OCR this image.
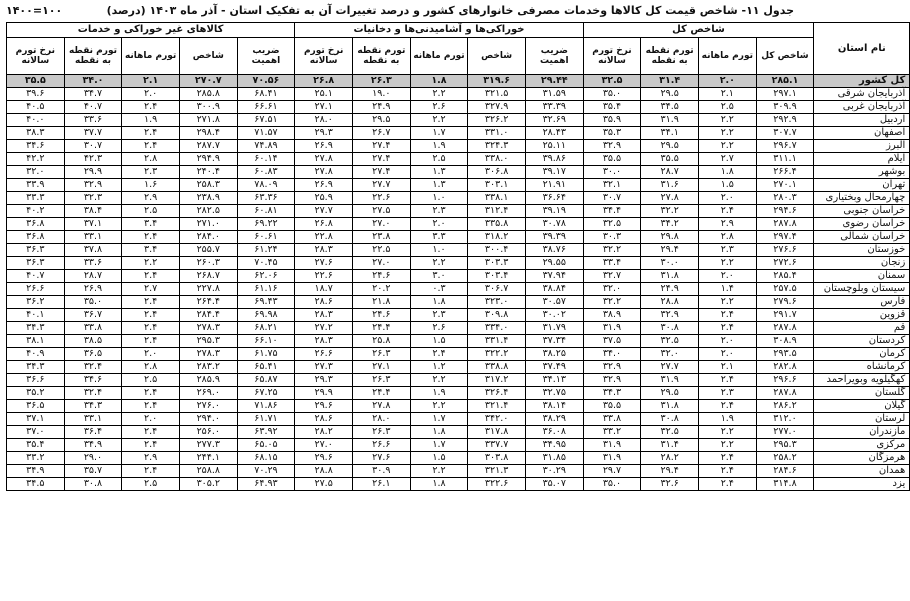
جدول ۱۱- شاخص قیمت کل کالاها وخدمات مصرفی خانوارهای کشور و درصد تغییرات آن به تفکیک استان - آذر ماه ۱۴۰۳ (درصد)
۱۴۰۰=۱۰۰
نام استان	شاخص کل				خوراکی‌ها و آشامیدنی‌ها و دخانیات					کالاهای غیر خوراکی و خدمات				
	شاخص کل	تورم ماهانه	تورم نقطه به نقطه	نرخ تورم سالانه	ضریب اهمیت	شاخص	تورم ماهانه	تورم نقطه به نقطه	نرخ تورم سالانه	ضریب اهمیت	شاخص	تورم ماهانه	تورم نقطه به نقطه	نرخ تورم سالانه
کل کشور	۲۸۵.۱	۲.۰	۳۱.۴	۳۲.۵	۲۹.۴۴	۳۱۹.۶	۱.۸	۲۶.۳	۲۶.۸	۷۰.۵۶	۲۷۰.۷	۲.۱	۳۴.۰	۳۵.۵
آذربایجان شرقی	۲۹۷.۱	۲.۱	۲۹.۵	۳۵.۰	۳۱.۵۹	۳۲۱.۵	۲.۲	۱۹.۰	۲۵.۱	۶۸.۴۱	۲۸۵.۸	۲.۰	۳۴.۷	۳۹.۶
آذربایجان غربی	۳۰۹.۹	۲.۵	۳۴.۵	۳۵.۴	۳۳.۳۹	۳۲۷.۹	۲.۶	۲۴.۹	۲۷.۱	۶۶.۶۱	۳۰۰.۹	۲.۴	۴۰.۷	۴۰.۵
اردبیل	۲۹۲.۹	۲.۲	۳۱.۹	۳۵.۹	۳۲.۶۹	۳۲۶.۲	۲.۲	۲۹.۵	۲۸.۰	۶۷.۵۱	۲۷۱.۸	۱.۹	۳۳.۶	۴۰.۰
اصفهان	۳۰۷.۷	۲.۲	۳۴.۱	۳۵.۳	۲۸.۴۳	۳۳۱.۰	۱.۷	۲۶.۷	۲۹.۳	۷۱.۵۷	۲۹۸.۴	۲.۴	۳۷.۷	۳۸.۳
البرز	۲۹۶.۷	۲.۲	۲۹.۵	۳۲.۹	۲۵.۱۱	۳۲۴.۳	۱.۹	۲۷.۴	۲۶.۹	۷۴.۸۹	۲۸۷.۷	۲.۴	۳۰.۷	۳۴.۶
ایلام	۳۱۱.۱	۲.۷	۳۵.۵	۳۵.۵	۳۹.۸۶	۳۳۸.۰	۲.۵	۲۷.۴	۲۷.۸	۶۰.۱۴	۲۹۴.۹	۲.۸	۴۲.۳	۴۲.۲
بوشهر	۲۶۶.۴	۱.۸	۲۸.۷	۳۰.۰	۳۹.۱۷	۳۰۶.۸	۱.۳	۲۷.۴	۲۷.۸	۶۰.۸۳	۲۴۰.۴	۲.۳	۲۹.۹	۳۲.۰
تهران	۲۷۰.۱	۱.۵	۳۱.۶	۳۲.۱	۲۱.۹۱	۳۰۳.۱	۱.۳	۲۷.۷	۲۶.۹	۷۸.۰۹	۲۵۸.۳	۱.۶	۳۲.۹	۳۳.۹
چهارمحال وبختیاری	۲۸۰.۳	۲.۰	۲۷.۸	۳۰.۷	۳۶.۶۴	۳۳۸.۱	۱.۰	۲۲.۶	۲۵.۹	۶۳.۳۶	۲۳۸.۹	۲.۹	۳۲.۳	۳۳.۳
خراسان جنوبی	۲۹۴.۶	۲.۴	۳۲.۲	۳۴.۴	۳۹.۱۹	۳۱۲.۴	۲.۳	۲۷.۵	۲۷.۷	۶۰.۸۱	۲۸۲.۵	۲.۵	۳۸.۴	۴۰.۲
خراسان رضوی	۲۸۷.۸	۲.۹	۳۴.۲	۳۲.۵	۳۰.۷۸	۳۳۵.۸	۲.۰	۲۷.۰	۲۶.۸	۶۹.۲۲	۲۷۱.۰	۳.۴	۳۷.۱	۳۶.۸
خراسان شمالی	۲۹۷.۴	۲.۸	۲۹.۸	۳۰.۳	۳۹.۳۹	۳۱۸.۲	۳.۳	۲۳.۸	۲۲.۸	۶۰.۶۱	۲۸۴.۰	۲.۴	۳۳.۱	۳۶.۸
خوزستان	۲۷۶.۶	۲.۳	۲۹.۴	۳۲.۲	۳۸.۷۶	۳۰۰.۴	۱.۰	۲۲.۵	۲۸.۳	۶۱.۲۴	۲۵۵.۷	۳.۴	۳۷.۸	۳۶.۳
زنجان	۲۷۲.۶	۲.۲	۳۰.۰	۳۳.۴	۲۹.۵۵	۳۰۳.۳	۲.۲	۲۷.۰	۲۷.۶	۷۰.۴۵	۲۶۰.۳	۲.۲	۳۳.۶	۳۶.۳
سمنان	۲۸۵.۴	۲.۰	۳۱.۸	۳۲.۷	۳۷.۹۴	۳۰۳.۴	۳.۰	۲۴.۶	۲۲.۶	۶۲.۰۶	۲۶۸.۷	۲.۴	۲۸.۷	۴۰.۷
سیستان وبلوچستان	۲۵۷.۵	۱.۴	۲۴.۹	۳۲.۰	۳۸.۸۴	۳۰۶.۷	۰.۳	۲۰.۲	۱۸.۷	۶۱.۱۶	۲۲۷.۸	۲.۷	۲۶.۹	۲۶.۶
فارس	۲۷۹.۶	۲.۲	۲۸.۸	۳۲.۲	۳۰.۵۷	۳۲۳.۰	۱.۸	۲۱.۸	۲۸.۶	۶۹.۴۳	۲۶۴.۴	۲.۴	۳۵.۰	۳۶.۲
قزوین	۲۹۱.۷	۲.۴	۳۲.۹	۳۸.۹	۳۰.۰۲	۳۰۹.۸	۲.۳	۲۴.۶	۲۸.۳	۶۹.۹۸	۲۸۴.۴	۲.۴	۳۶.۷	۴۰.۱
قم	۲۸۷.۸	۲.۴	۳۰.۸	۳۱.۹	۳۱.۷۹	۳۳۴.۰	۲.۶	۲۴.۴	۲۷.۲	۶۸.۲۱	۲۷۸.۳	۲.۴	۳۳.۸	۳۴.۳
کردستان	۳۰۸.۹	۲.۰	۳۲.۵	۳۷.۵	۳۷.۳۴	۳۳۱.۴	۱.۵	۲۵.۸	۲۸.۳	۶۶.۱۰	۲۹۵.۳	۲.۴	۳۸.۵	۳۸.۱
کرمان	۲۹۳.۵	۲.۰	۳۲.۰	۳۴.۰	۳۸.۲۵	۳۲۲.۲	۲.۴	۲۶.۳	۲۶.۶	۶۱.۷۵	۲۷۸.۳	۲.۰	۳۶.۵	۴۰.۹
کرمانشاه	۲۸۲.۸	۲.۱	۲۷.۷	۳۲.۹	۳۷.۴۹	۳۳۸.۸	۱.۲	۲۷.۱	۲۷.۳	۶۵.۴۱	۲۸۳.۲	۲.۸	۳۲.۴	۳۴.۳
کهگیلویه وبویراحمد	۲۹۶.۶	۲.۴	۳۱.۹	۳۲.۹	۳۴.۱۳	۳۱۷.۲	۲.۲	۲۶.۳	۲۹.۳	۶۵.۸۷	۲۸۵.۹	۲.۵	۳۴.۶	۳۶.۶
گلستان	۲۸۷.۸	۲.۳	۲۹.۵	۳۴.۳	۳۲.۷۵	۳۲۶.۴	۱.۹	۲۴.۴	۲۹.۹	۶۷.۲۵	۲۶۹.۰	۲.۴	۳۲.۴	۳۵.۲
گیلان	۲۸۶.۲	۲.۴	۳۱.۸	۳۵.۵	۳۸.۱۴	۳۲۱.۴	۲.۲	۲۷.۸	۲۹.۶	۷۱.۸۶	۲۷۶.۰	۲.۴	۳۴.۳	۳۶.۵
لرستان	۳۱۲.۰	۱.۹	۳۰.۸	۳۳.۸	۳۸.۲۹	۳۴۲.۰	۱.۷	۲۸.۰	۲۸.۶	۶۱.۷۱	۲۹۴.۰	۲.۰	۳۳.۱	۳۷.۱
مازندران	۲۷۷.۰	۲.۲	۳۲.۵	۳۳.۲	۳۶.۰۸	۳۱۷.۸	۱.۸	۲۶.۳	۲۸.۲	۶۳.۹۲	۲۵۶.۰	۲.۴	۳۶.۴	۳۷.۰
مرکزی	۲۹۵.۳	۲.۲	۳۱.۴	۳۱.۹	۳۴.۹۵	۳۳۷.۷	۱.۷	۲۶.۶	۲۷.۰	۶۵.۰۵	۲۷۷.۳	۲.۴	۳۴.۹	۳۵.۴
هرمزگان	۲۵۸.۲	۲.۴	۲۸.۲	۳۱.۹	۳۱.۸۵	۳۰۳.۸	۱.۵	۲۷.۶	۲۹.۶	۶۸.۱۵	۲۴۴.۱	۲.۹	۲۹.۰	۳۳.۲
همدان	۲۸۴.۶	۲.۴	۲۹.۴	۲۹.۷	۳۰.۲۹	۳۲۱.۳	۲.۲	۳۰.۹	۲۸.۸	۷۰.۲۹	۲۵۸.۸	۲.۴	۳۵.۷	۳۴.۹
یزد	۳۱۴.۸	۲.۴	۳۲.۶	۳۵.۰	۳۵.۰۷	۳۲۲.۶	۱.۸	۲۶.۱	۲۷.۵	۶۴.۹۳	۳۰۵.۲	۲.۵	۳۰.۸	۳۴.۵
